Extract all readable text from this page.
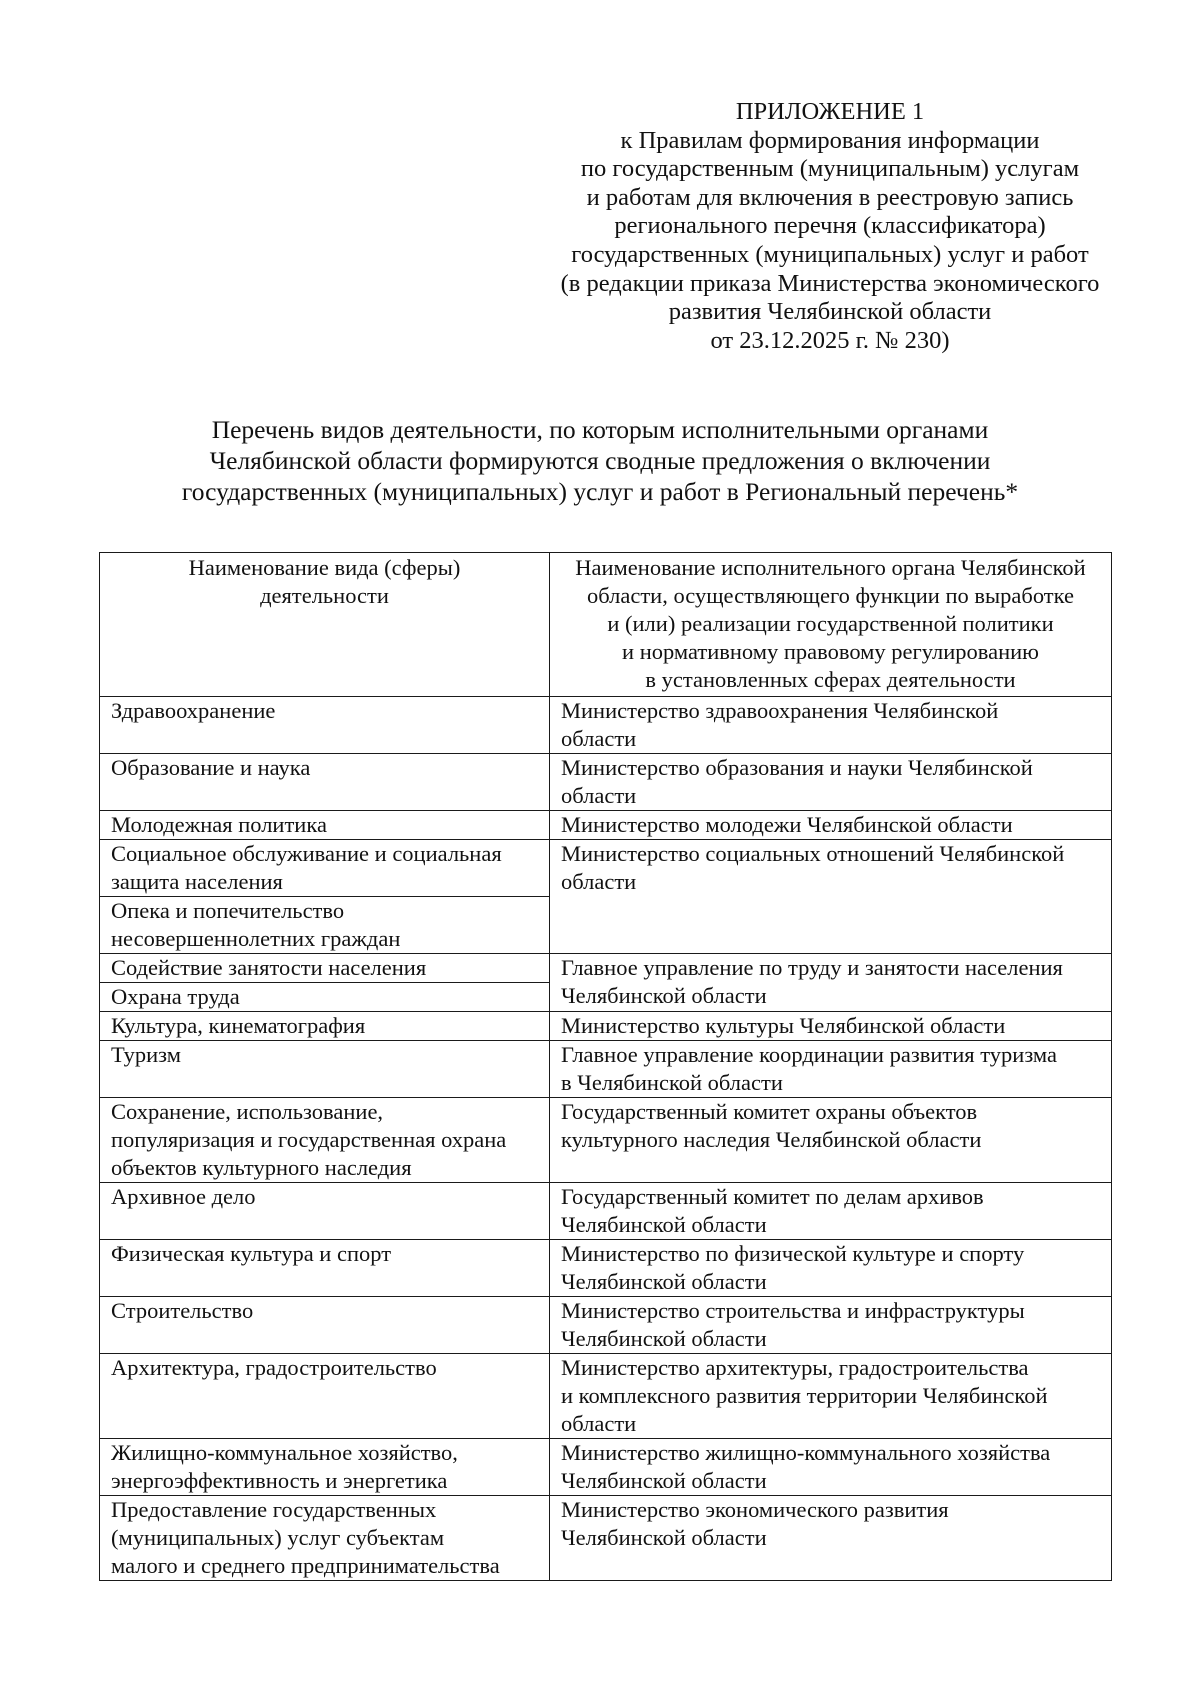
ПРИЛОЖЕНИЕ 1
к Правилам формирования информации
по государственным (муниципальным) услугам
и работам для включения в реестровую запись
регионального перечня (классификатора)
государственных (муниципальных) услуг и работ
(в редакции приказа Министерства экономического
развития Челябинской области
от 23.12.2025 г. № 230)
Перечень видов деятельности, по которым исполнительными органами
Челябинской области формируются сводные предложения о включении
государственных (муниципальных) услуг и работ в Региональный перечень*
Наименование вида (сферы)
деятельности	Наименование исполнительного органа Челябинской
области, осуществляющего функции по выработке
и (или) реализации государственной политики
и нормативному правовому регулированию
в установленных сферах деятельности

Здравоохранение	Министерство здравоохранения Челябинской
области

Образование и наука	Министерство образования и науки Челябинской
области

Молодежная политика	Министерство молодежи Челябинской области

Социальное обслуживание и социальная
защита населения	Министерство социальных отношений Челябинской
области

Опека и попечительство
несовершеннолетних граждан	

Содействие занятости населения	Главное управление по труду и занятости населения
Челябинской области

Охрана труда	

Культура, кинематография	Министерство культуры Челябинской области

Туризм	Главное управление координации развития туризма
в Челябинской области

Сохранение, использование,
популяризация и государственная охрана
объектов культурного наследия	Государственный комитет охраны объектов
культурного наследия Челябинской области

Архивное дело	Государственный комитет по делам архивов
Челябинской области

Физическая культура и спорт	Министерство по физической культуре и спорту
Челябинской области

Строительство	Министерство строительства и инфраструктуры
Челябинской области

Архитектура, градостроительство	Министерство архитектуры, градостроительства
и комплексного развития территории Челябинской
области

Жилищно-коммунальное хозяйство,
энергоэффективность и энергетика	Министерство жилищно-коммунального хозяйства
Челябинской области

Предоставление государственных
(муниципальных) услуг субъектам
малого и среднего предпринимательства	Министерство экономического развития
Челябинской области
